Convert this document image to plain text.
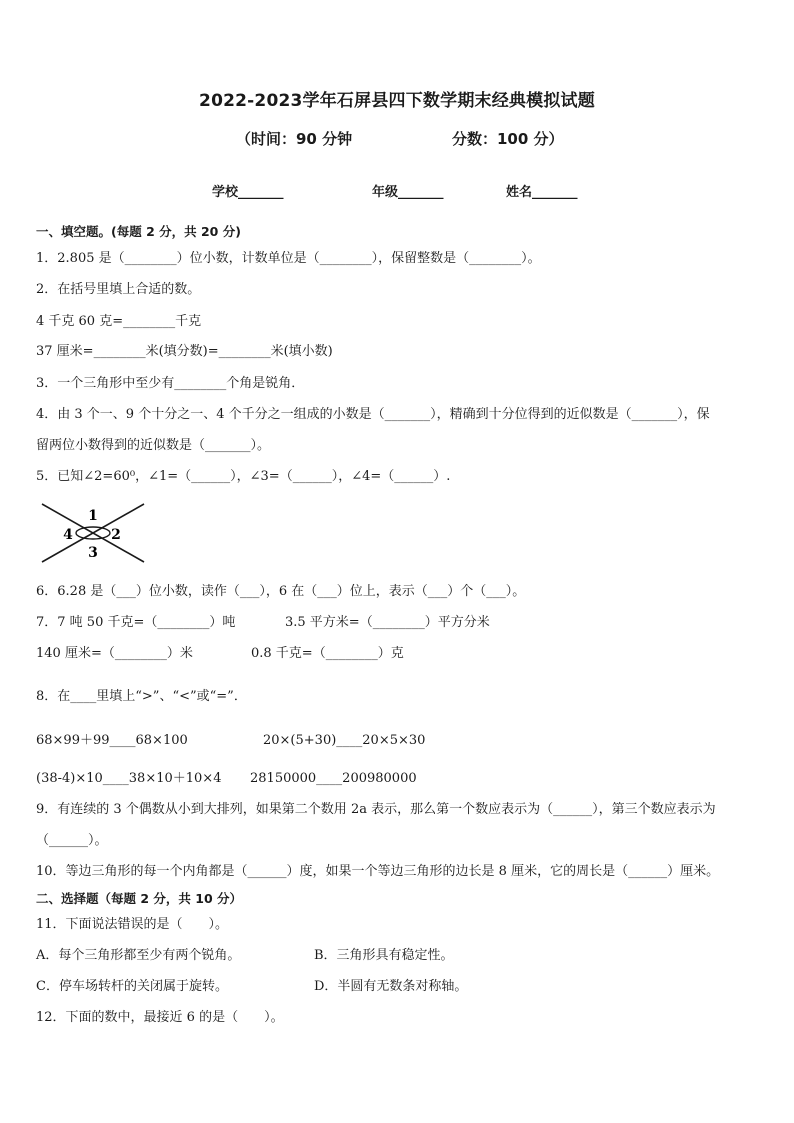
2022-2023学年石屏县四下数学期末经典模拟试题
（时间：90 分钟	分数：100 分）
学校_______	年级_______	姓名_______
一、填空题。(每题 2 分，共 20 分)
1．2.805 是（________）位小数，计数单位是（________），保留整数是（________）。
2．在括号里填上合适的数。
4 千克 60 克=________千克
37 厘米=________米(填分数)=________米(填小数)
3．一个三角形中至少有________个角是锐角．
4．由 3 个一、9 个十分之一、4 个千分之一组成的小数是（_______），精确到十分位得到的近似数是（_______），保
留两位小数得到的近似数是（_______）。
5．已知∠2=60⁰，∠1=（______），∠3=（______），∠4=（______）.
1
2
3
4
6．6.28 是（___）位小数，读作（___），6 在（___）位上，表示（___）个（___）。
7．7 吨 50 千克=（________）吨	3.5 平方米=（________）平方分米
140 厘米=（________）米	0.8 千克=（________）克
8．在____里填上“>”、“<”或“=”．
68×99＋99____68×100	20×(5+30)____20×5×30
(38-4)×10____38×10＋10×4 28150000____200980000
9．有连续的 3 个偶数从小到大排列，如果第二个数用 2a 表示，那么第一个数应表示为（______），第三个数应表示为
（______）。
10．等边三角形的每一个内角都是（______）度，如果一个等边三角形的边长是 8 厘米，它的周长是（______）厘米。
二、选择题（每题 2 分，共 10 分）
11．下面说法错误的是（　　）。
A．每个三角形都至少有两个锐角。	B．三角形具有稳定性。
C．停车场转杆的关闭属于旋转。	D．半圆有无数条对称轴。
12．下面的数中，最接近 6 的是（　　）。
